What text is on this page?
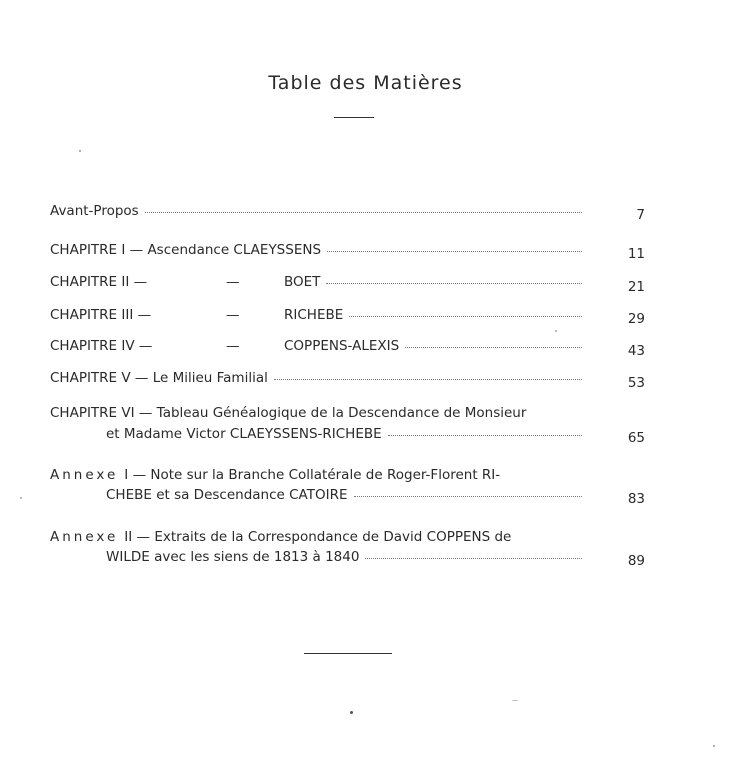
Table des Matières
Avant-Propos	7
CHAPITRE I — Ascendance CLAEYSSENS	11
CHAPITRE II —	—	BOET	21
CHAPITRE III —	—	RICHEBE	29
CHAPITRE IV —	—	COPPENS-ALEXIS	43
CHAPITRE V — Le Milieu Familial	53
CHAPITRE VI — Tableau Généalogique de la Descendance de Monsieur
et Madame Victor CLAEYSSENS-RICHEBE	65
Annexe I — Note sur la Branche Collatérale de Roger-Florent RI-
CHEBE et sa Descendance CATOIRE	83
Annexe II — Extraits de la Correspondance de David COPPENS de
WILDE avec les siens de 1813 à 1840	89
